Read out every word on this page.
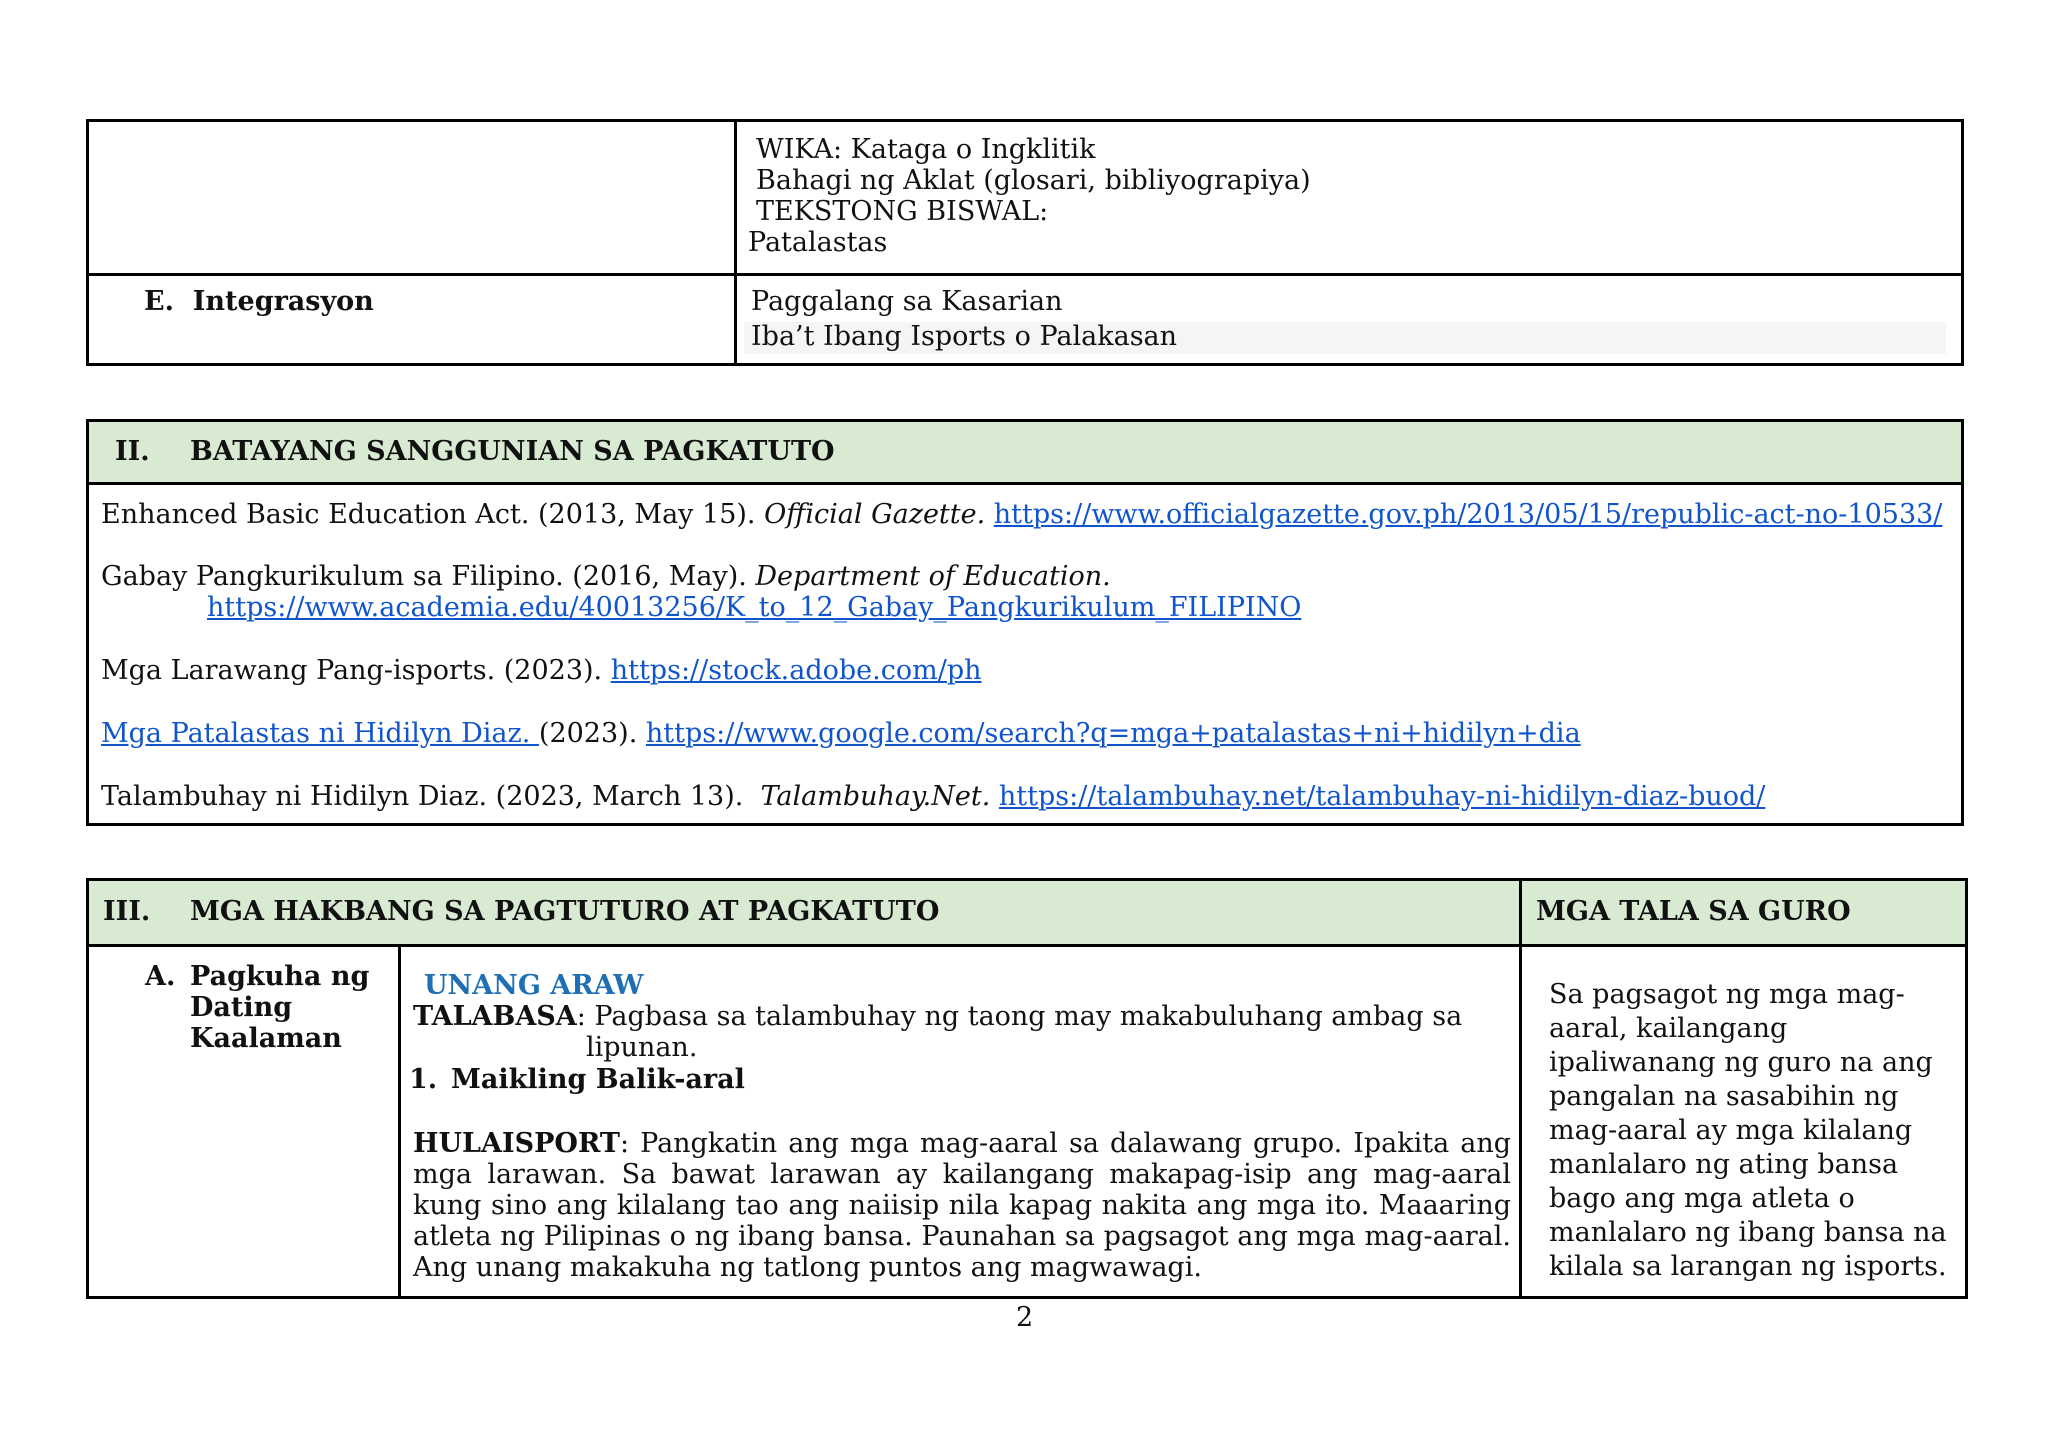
WIKA: Kataga o Ingklitik
Bahagi ng Aklat (glosari, bibliyograpiya)
TEKSTONG BISWAL:
Patalastas
E.  Integrasyon	Paggalang sa Kasarian
Iba’t Ibang Isports o Palakasan
II. BATAYANG SANGGUNIAN SA PAGKATUTO
Enhanced Basic Education Act. (2013, May 15). Official Gazette. https://www.officialgazette.gov.ph/2013/05/15/republic-act-no-10533/
Gabay Pangkurikulum sa Filipino. (2016, May). Department of Education.
https://www.academia.edu/40013256/K_to_12_Gabay_Pangkurikulum_FILIPINO
Mga Larawang Pang-isports. (2023). https://stock.adobe.com/ph
Mga Patalastas ni Hidilyn Diaz. (2023). https://www.google.com/search?q=mga+patalastas+ni+hidilyn+dia
Talambuhay ni Hidilyn Diaz. (2023, March 13). Talambuhay.Net. https://talambuhay.net/talambuhay-ni-hidilyn-diaz-buod/
III. MGA HAKBANG SA PAGTUTURO AT PAGKATUTO	MGA TALA SA GURO
A. Pagkuha ng
Dating
Kaalaman
UNANG ARAW
TALABASA: Pagbasa sa talambuhay ng taong may makabuluhang ambag sa
lipunan.
1. Maikling Balik-aral
HULAISPORT: Pangkatin ang mga mag-aaral sa dalawang grupo. Ipakita ang mga larawan. Sa bawat larawan ay kailangang makapag-isip ang mag-aaral kung sino ang kilalang tao ang naiisip nila kapag nakita ang mga ito. Maaaring atleta ng Pilipinas o ng ibang bansa. Paunahan sa pagsagot ang mga mag-aaral. Ang unang makakuha ng tatlong puntos ang magwawagi.
Sa pagsagot ng mga mag-
aaral, kailangang
ipaliwanang ng guro na ang
pangalan na sasabihin ng
mag-aaral ay mga kilalang
manlalaro ng ating bansa
bago ang mga atleta o
manlalaro ng ibang bansa na
kilala sa larangan ng isports.
2
